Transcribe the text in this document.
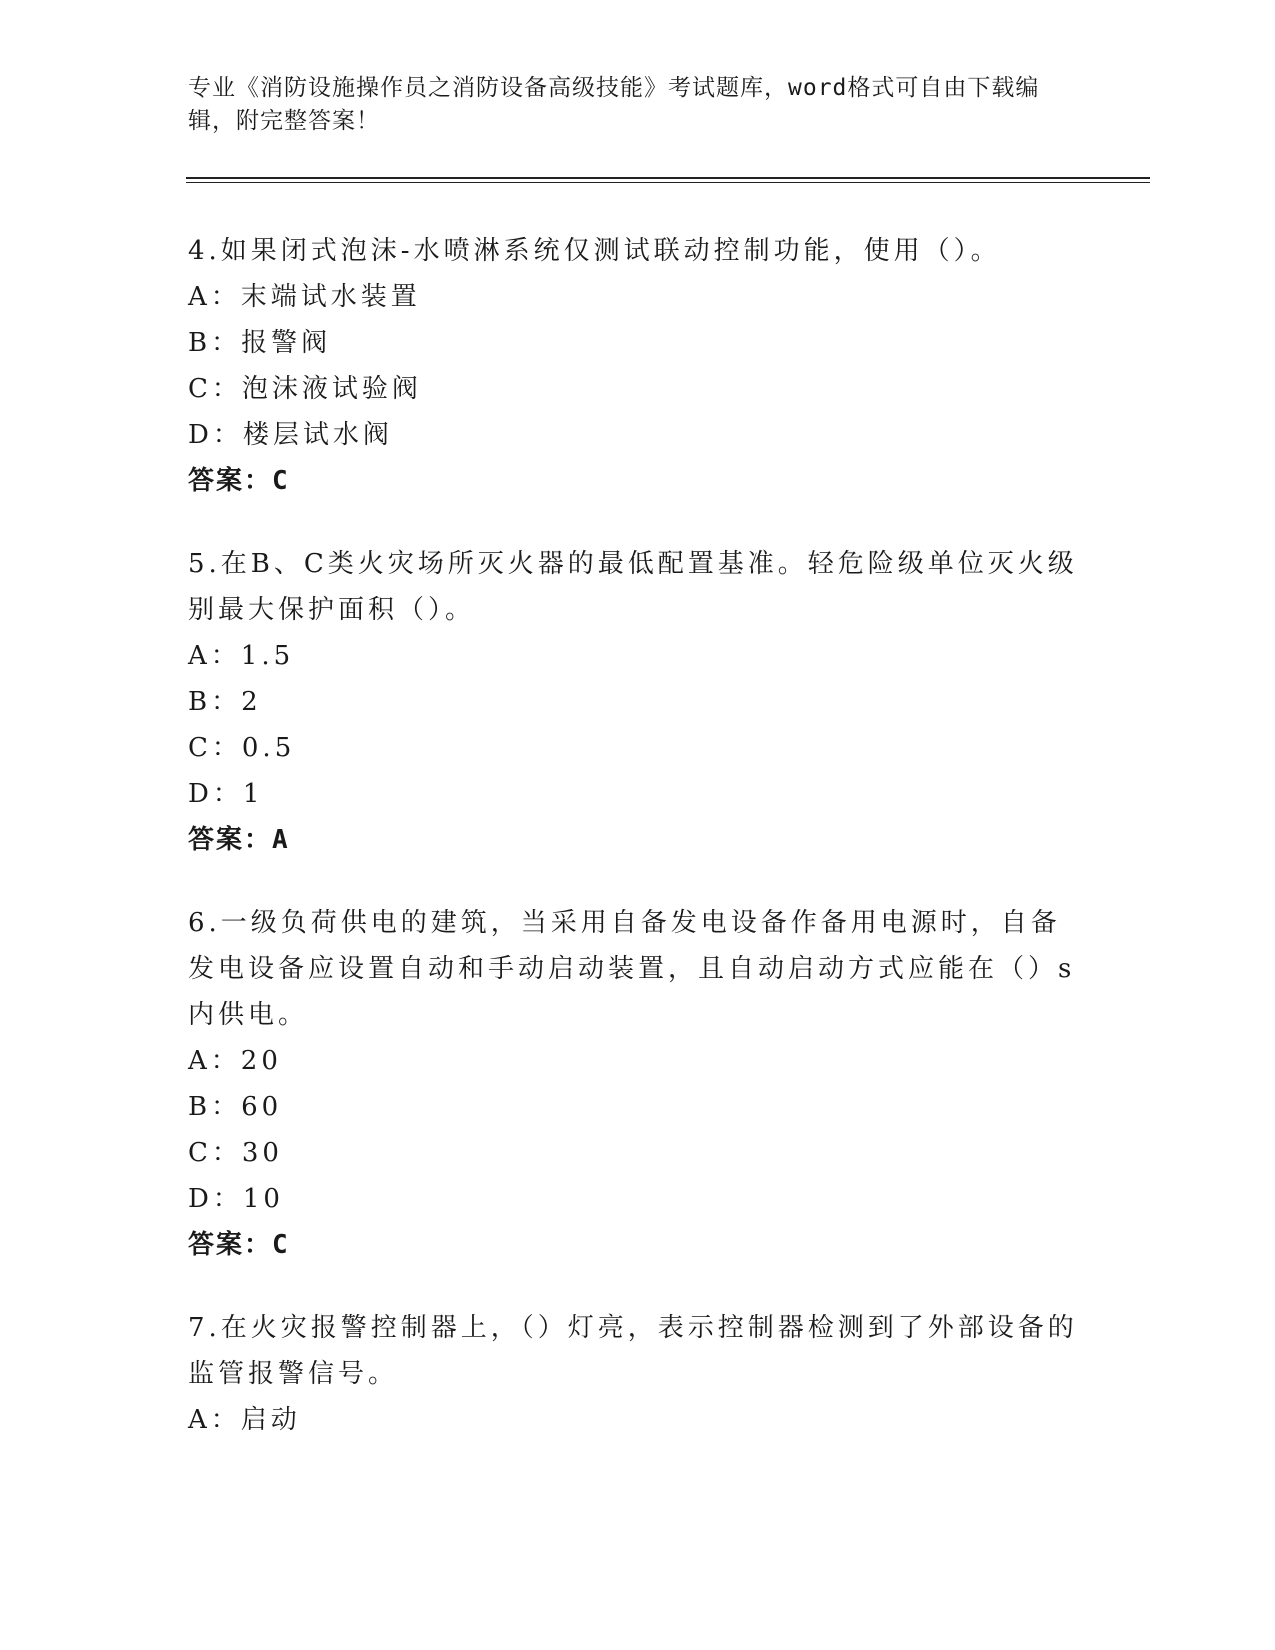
专业《消防设施操作员之消防设备高级技能》考试题库，word格式可自由下载编辑，附完整答案！

4.如果闭式泡沫-水喷淋系统仅测试联动控制功能，使用（）。

A：末端试水装置

B：报警阀

C：泡沫液试验阀

D：楼层试水阀

答案：C

5.在B、C类火灾场所灭火器的最低配置基准。轻危险级单位灭火级别最大保护面积（）。

A：1.5

B：2

C：0.5

D：1

答案：A

6.一级负荷供电的建筑，当采用自备发电设备作备用电源时，自备发电设备应设置自动和手动启动装置，且自动启动方式应能在（）s内供电。

A：20

B：60

C：30

D：10

答案：C

7.在火灾报警控制器上，（）灯亮，表示控制器检测到了外部设备的监管报警信号。

A：启动
